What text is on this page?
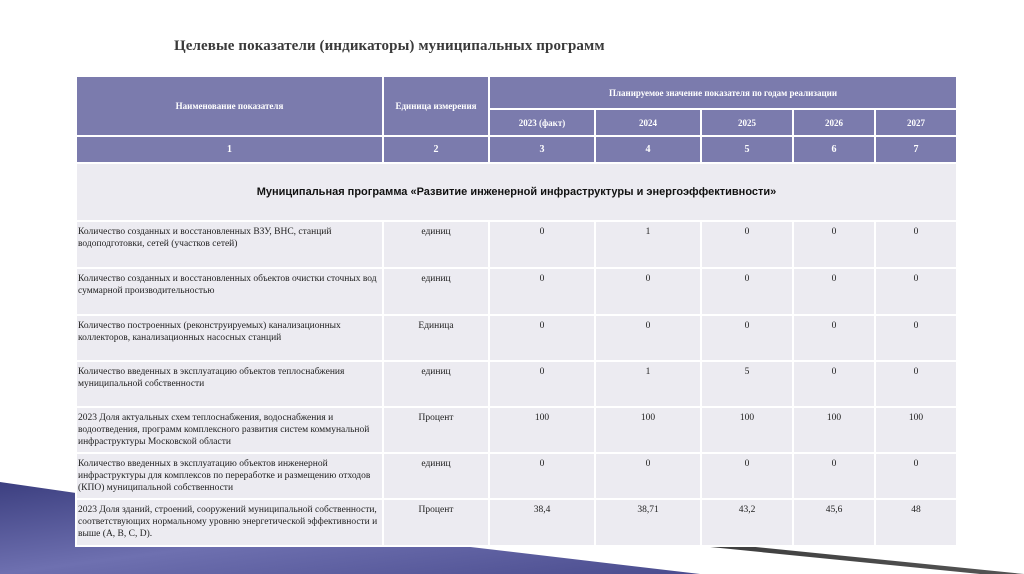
Целевые показатели (индикаторы) муниципальных программ
Наименование показателя	Единица измерения	Планируемое значение показателя по годам реализации				
		2023 (факт)	2024	2025	2026	2027
1	2	3	4	5	6	7
Муниципальная программа «Развитие инженерной инфраструктуры и энергоэффективности»						
Количество созданных и восстановленных ВЗУ, ВНС, станций водоподготовки, сетей (участков сетей)	единиц	0	1	0	0	0
Количество созданных и восстановленных объектов очистки сточных вод суммарной производительностью	единиц	0	0	0	0	0
Количество построенных (реконструируемых) канализационных коллекторов, канализационных насосных станций	Единица	0	0	0	0	0
Количество введенных в эксплуатацию объектов теплоснабжения муниципальной собственности	единиц	0	1	5	0	0
2023 Доля актуальных схем теплоснабжения, водоснабжения и водоотведения, программ комплексного развития систем коммунальной инфраструктуры Московской области	Процент	100	100	100	100	100
Количество введенных в эксплуатацию объектов инженерной инфраструктуры для комплексов по переработке и размещению отходов (КПО) муниципальной собственности	единиц	0	0	0	0	0
2023 Доля зданий, строений, сооружений муниципальной собственности, соответствующих нормальному уровню энергетической эффективности и выше (A, B, C, D).	Процент	38,4	38,71	43,2	45,6	48
